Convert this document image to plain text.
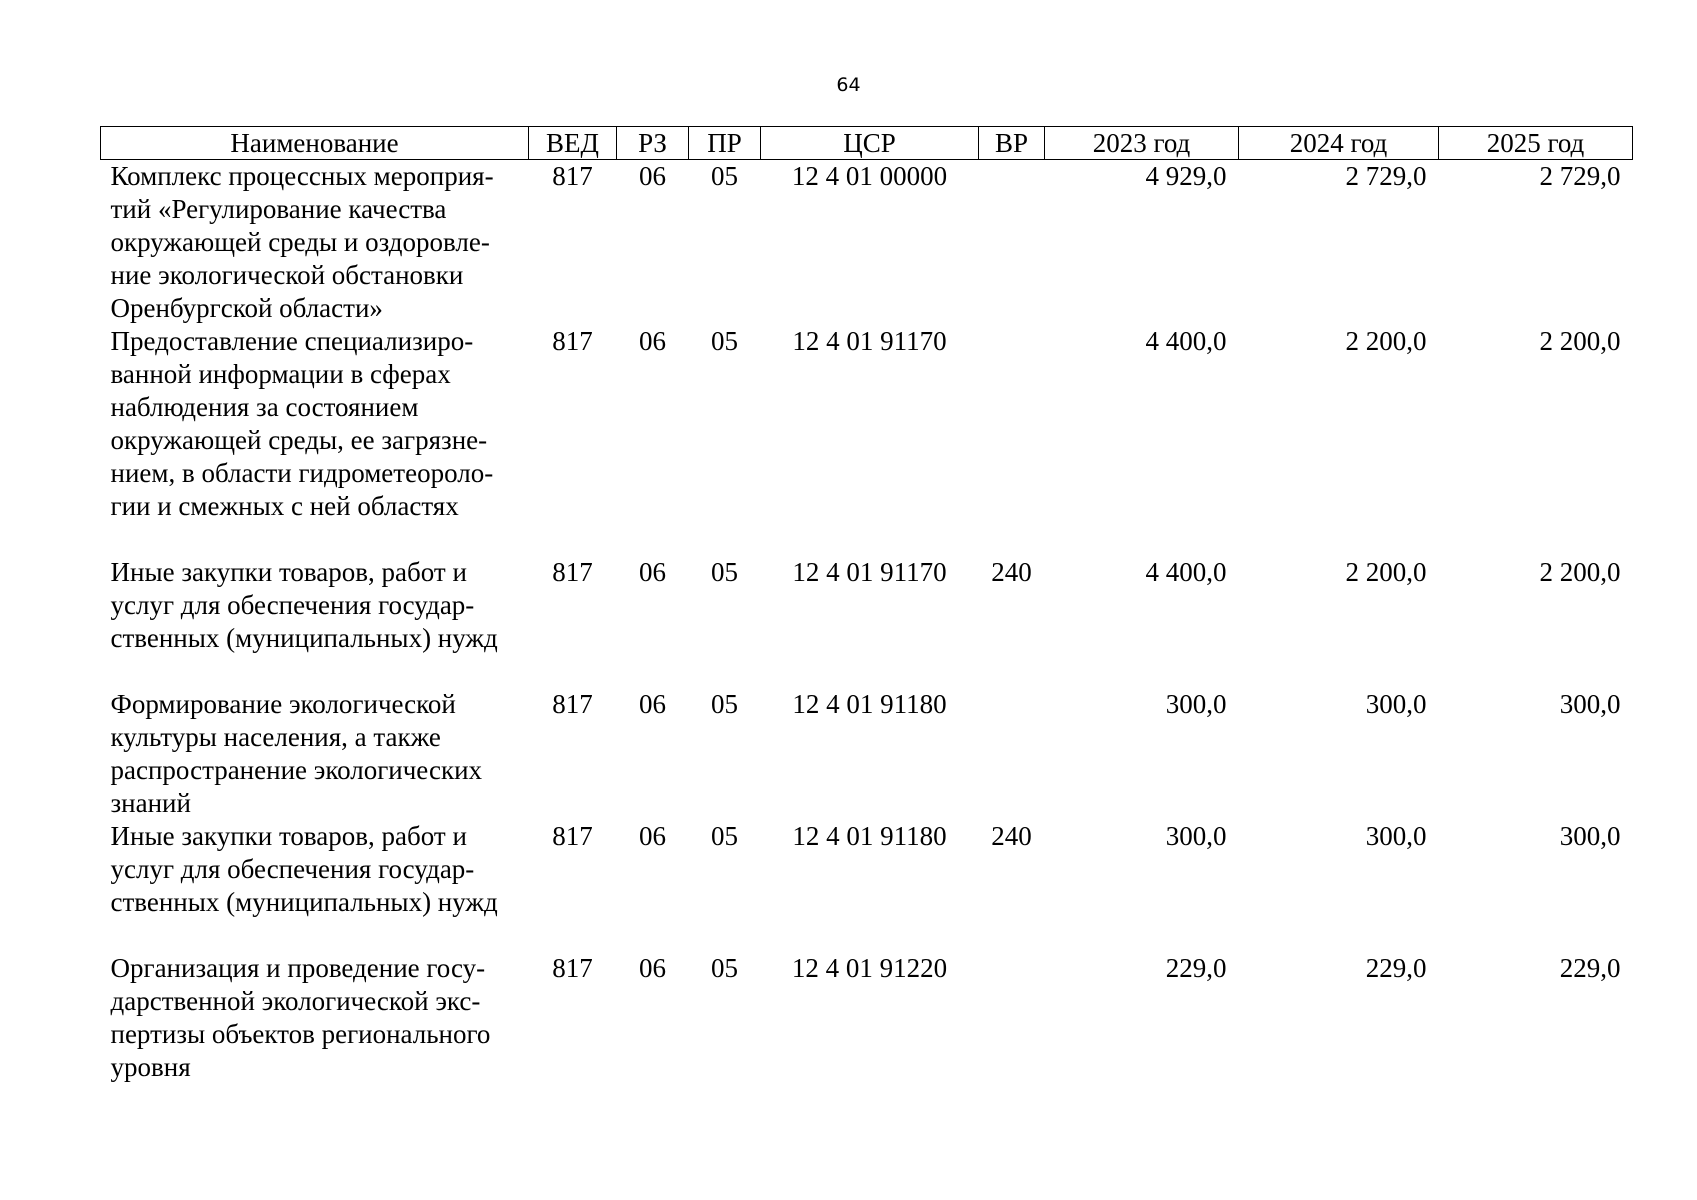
64
Наименование	ВЕД	РЗ	ПР	ЦСР	ВР	2023 год	2024 год	2025 год
Комплекс процессных мероприя-тий «Регулирование качества окружающей среды и оздоровле-ние экологической обстановки Оренбургской области»	817	06	05	12 4 01 00000		4 929,0	2 729,0	2 729,0
Предоставление специализиро-ванной информации в сферах наблюдения за состоянием окружающей среды, ее загрязне-нием, в области гидрометеороло-гии и смежных с ней областях	817	06	05	12 4 01 91170		4 400,0	2 200,0	2 200,0
Иные закупки товаров, работ и услуг для обеспечения государ-ственных (муниципальных) нужд	817	06	05	12 4 01 91170	240	4 400,0	2 200,0	2 200,0
Формирование экологической культуры населения, а также распространение экологических знаний	817	06	05	12 4 01 91180		300,0	300,0	300,0
Иные закупки товаров, работ и услуг для обеспечения государ-ственных (муниципальных) нужд	817	06	05	12 4 01 91180	240	300,0	300,0	300,0
Организация и проведение госу-дарственной экологической экс-пертизы объектов регионального уровня	817	06	05	12 4 01 91220		229,0	229,0	229,0
